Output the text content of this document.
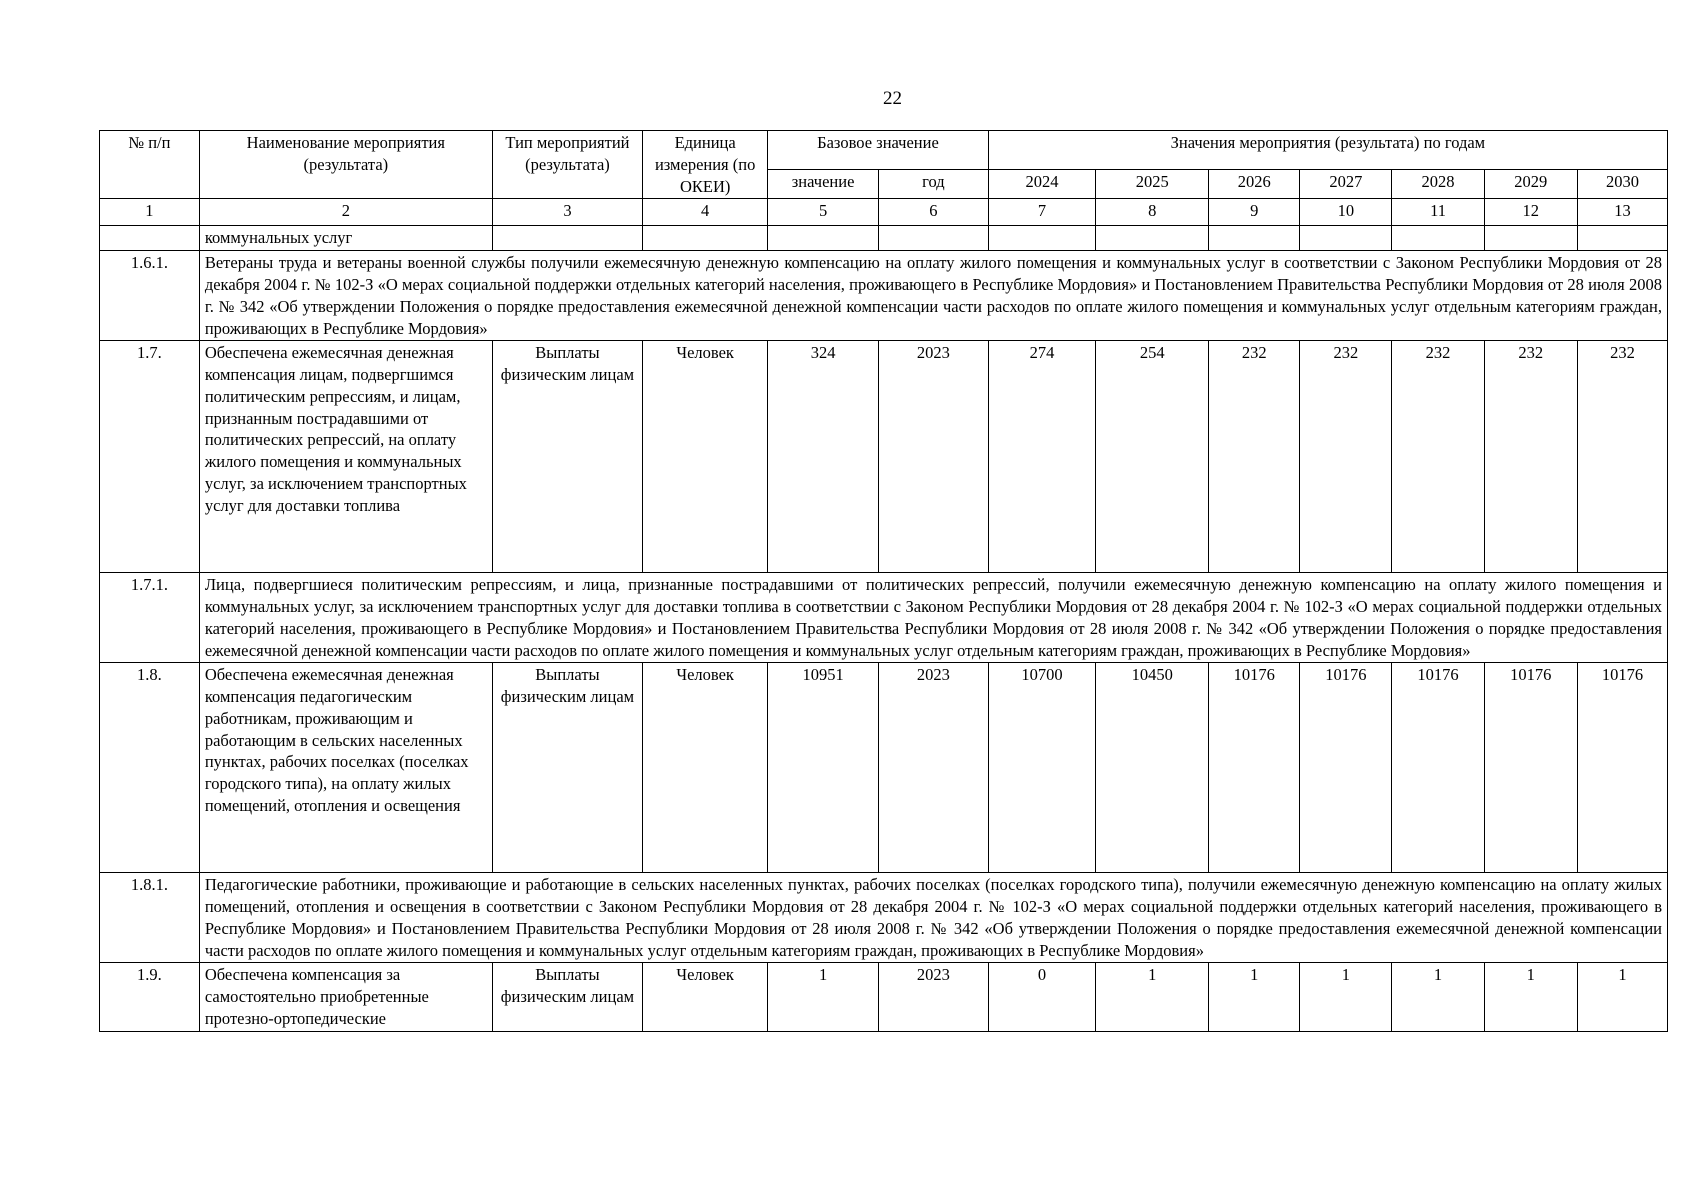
22
№ п/п	Наименование мероприятия (результата)	Тип мероприятий (результата)	Единица измерения (по ОКЕИ)	Базовое значение		Значения мероприятия (результата) по годам						
				значение	год	2024	2025	2026	2027	2028	2029	2030
1	2	3	4	5	6	7	8	9	10	11	12	13
	коммунальных услуг											
1.6.1.	Ветераны труда и ветераны военной службы получили ежемесячную денежную компенсацию на оплату жилого помещения и коммунальных услуг в соответствии с Законом Республики Мордовия от 28 декабря 2004 г. № 102-З «О мерах социальной поддержки отдельных категорий населения, проживающего в Республике Мордовия» и Постановлением Правительства Республики Мордовия от 28 июля 2008 г. № 342 «Об утверждении Положения о порядке предоставления ежемесячной денежной компенсации части расходов по оплате жилого помещения и коммунальных услуг отдельным категориям граждан, проживающих в Республике Мордовия»											
1.7.	Обеспечена ежемесячная денежная компенсация лицам, подвергшимся политическим репрессиям, и лицам, признанным пострадавшими от политических репрессий, на оплату жилого помещения и коммунальных услуг, за исключением транспортных услуг для доставки топлива	Выплаты физическим лицам	Человек	324	2023	274	254	232	232	232	232	232
1.7.1.	Лица, подвергшиеся политическим репрессиям, и лица, признанные пострадавшими от политических репрессий, получили ежемесячную денежную компенсацию на оплату жилого помещения и коммунальных услуг, за исключением транспортных услуг для доставки топлива в соответствии с Законом Республики Мордовия от 28 декабря 2004 г. № 102-З «О мерах социальной поддержки отдельных категорий населения, проживающего в Республике Мордовия» и Постановлением Правительства Республики Мордовия от 28 июля 2008 г. № 342 «Об утверждении Положения о порядке предоставления ежемесячной денежной компенсации части расходов по оплате жилого помещения и коммунальных услуг отдельным категориям граждан, проживающих в Республике Мордовия»											
1.8.	Обеспечена ежемесячная денежная компенсация педагогическим работникам, проживающим и работающим в сельских населенных пунктах, рабочих поселках (поселках городского типа), на оплату жилых помещений, отопления и освещения	Выплаты физическим лицам	Человек	10951	2023	10700	10450	10176	10176	10176	10176	10176
1.8.1.	Педагогические работники, проживающие и работающие в сельских населенных пунктах, рабочих поселках (поселках городского типа), получили ежемесячную денежную компенсацию на оплату жилых помещений, отопления и освещения в соответствии с Законом Республики Мордовия от 28 декабря 2004 г. № 102-З «О мерах социальной поддержки отдельных категорий населения, проживающего в Республике Мордовия» и Постановлением Правительства Республики Мордовия от 28 июля 2008 г. № 342 «Об утверждении Положения о порядке предоставления ежемесячной денежной компенсации части расходов по оплате жилого помещения и коммунальных услуг отдельным категориям граждан, проживающих в Республике Мордовия»											
1.9.	Обеспечена компенсация за самостоятельно приобретенные протезно-ортопедические	Выплаты физическим лицам	Человек	1	2023	0	1	1	1	1	1	1
